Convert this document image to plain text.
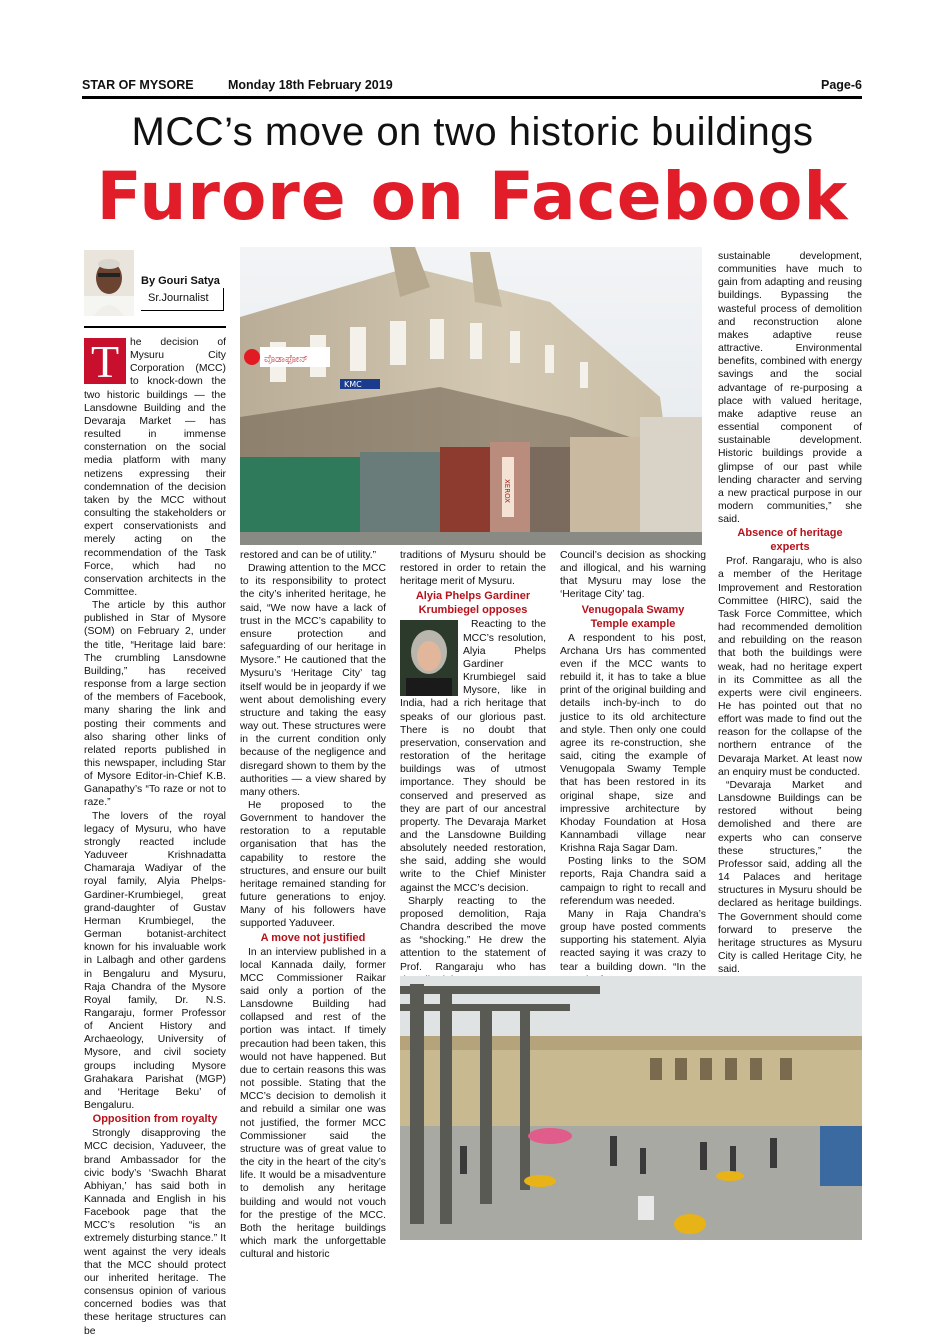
STAR OF MYSORE	Monday 18th February 2019	Page-6
MCC’s move on two historic buildings
Furore on Facebook
By Gouri Satya
Sr.Journalist
T	he decision of Mysuru City Corporation (MCC) to knock-down the two historic buildings — the Lansdowne Building and the Devaraja Market — has resulted in immense consternation on the social media platform with many netizens expressing their condemnation of the decision taken by the MCC without consulting the stakeholders or expert conservationists and merely acting on the recommendation of the Task Force, which had no conservation architects in the Committee.

The article by this author published in Star of Mysore (SOM) on February 2, under the title, “Heritage laid bare: The crumbling Lansdowne Building,” has received response from a large section of the members of Facebook, many sharing the link and posting their comments and also sharing other links of related reports published in this newspaper, including Star of Mysore Editor-in-Chief K.B. Ganapathy’s “To raze or not to raze.”

The lovers of the royal legacy of Mysuru, who have strongly reacted include Yaduveer Krishnadatta Chamaraja Wadiyar of the royal family, Alyia Phelps-Gardiner-Krumbiegel, great grand-daughter of Gustav Herman Krumbiegel, the German botanist-architect known for his invaluable work in Lalbagh and other gardens in Bengaluru and Mysuru, Raja Chandra of the Mysore Royal family, Dr. N.S. Rangaraju, former Professor of Ancient History and Archaeology, University of Mysore, and civil society groups including Mysore Grahakara Parishat (MGP) and ‘Heritage Beku’ of Bengaluru.

Opposition from royalty

Strongly disapproving the MCC decision, Yaduveer, the brand Ambassador for the civic body’s ‘Swachh Bharat Abhiyan,’ has said both in Kannada and English in his Facebook page that the MCC’s resolution “is an extremely disturbing stance.” It went against the very ideals that the MCC should protect our inherited heritage. The consensus opinion of various concerned bodies was that these heritage structures can be

ವೊಡಾಫೋನ್
KMC
XEROX

restored and can be of utility.”

Drawing attention to the MCC to its responsibility to protect the city’s inherited heritage, he said, “We now have a lack of trust in the MCC’s capability to ensure protection and safeguarding of our heritage in Mysore.” He cautioned that the Mysuru’s ‘Heritage City’ tag itself would be in jeopardy if we went about demolishing every structure and taking the easy way out. These structures were in the current condition only because of the negligence and disregard shown to them by the authorities — a view shared by many others.

He proposed to the Government to handover the restoration to a reputable organisation that has the capability to restore the structures, and ensure our built heritage remained standing for future generations to enjoy. Many of his followers have supported Yaduveer.

A move not justified

In an interview published in a local Kannada daily, former MCC Commissioner Raikar said only a portion of the Lansdowne Building had collapsed and rest of the portion was intact. If timely precaution had been taken, this would not have happened. But due to certain reasons this was not possible. Stating that the MCC’s decision to demolish it and rebuild a similar one was not justified, the former MCC Commissioner said the structure was of great value to the city in the heart of the city’s life. It would be a misadventure to demolish any heritage building and would not vouch for the prestige of the MCC. Both the heritage buildings which mark the unforgettable cultural and historic

traditions of Mysuru should be restored in order to retain the heritage merit of Mysuru.

Alyia Phelps Gardiner
Krumbiegel opposes

Reacting to the MCC’s resolution, Alyia Phelps Gardiner Krumbiegel said Mysore, like in India, had a rich heritage that speaks of our glorious past. There is no doubt that preservation, conservation and restoration of the heritage buildings was of utmost importance. They should be conserved and preserved as they are part of our ancestral property. The Devaraja Market and the Lansdowne Building absolutely needed restoration, she said, adding she would write to the Chief Minister against the MCC’s decision.

Sharply reacting to the proposed demolition, Raja Chandra described the move as “shocking.” He drew the attention to the statement of Prof. Rangaraju who has

Council’s decision as shocking and illogical, and his warning that Mysuru may lose the ‘Heritage City’ tag.

Venugopala Swamy
Temple example

A respondent to his post, Archana Urs has commented even if the MCC wants to rebuild it, it has to take a blue print of the original building and details inch-by-inch to do justice to its old architecture and style. Then only one could agree its re-construction, she said, citing the example of Venugopala Swamy Temple that has been restored in its original shape, size and impressive architecture by Khoday Foundation at Hosa Kannambadi village near Krishna Raja Sagar Dam.

Posting links to the SOM reports, Raja Chandra said a campaign to right to recall and referendum was needed.

Many in Raja Chandra’s group have posted comments supporting his statement. Alyia reacted saying it was crazy to tear a building down. “In the

sustainable development, communities have much to gain from adapting and reusing buildings. Bypassing the wasteful process of demolition and reconstruction alone makes adaptive reuse attractive. Environmental benefits, combined with energy savings and the social advantage of re-purposing a place with valued heritage, make adaptive reuse an essential component of sustainable development. Historic buildings provide a glimpse of our past while lending character and serving a new practical purpose in our modern communities,” she said.

Absence of heritage
experts

Prof. Rangaraju, who is also a member of the Heritage Improvement and Restoration Committee (HIRC), said the Task Force Committee, which had recommended demolition and rebuilding on the reason that both the buildings were weak, had no heritage expert in its Committee as all the experts were civil engineers. He has pointed out that no effort was made to find out the reason for the collapse of the northern entrance of the Devaraja Market. At least now an enquiry must be conducted.

“Devaraja Market and Lansdowne Buildings can be restored without being demolished and there are experts who can conserve these structures,” the Professor said, adding all the 14 Palaces and heritage structures in Mysuru should be declared as heritage buildings. The Government should come forward to preserve the heritage structures as Mysuru City is called Heritage City, he said.
